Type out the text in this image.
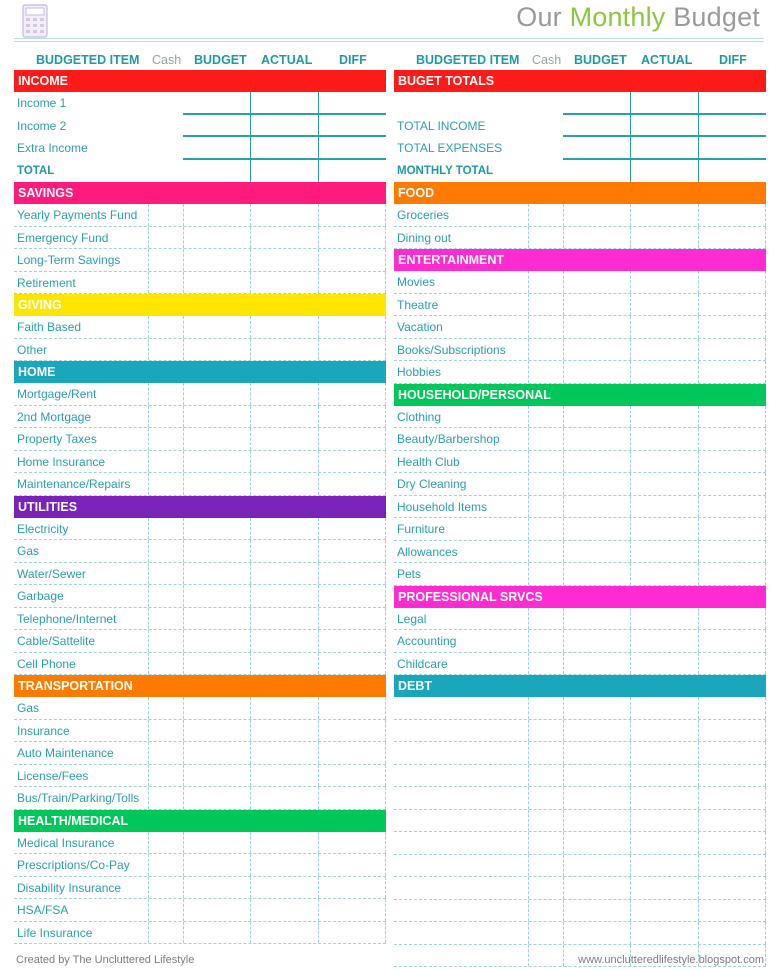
Our Monthly Budget
BUDGETED ITEM Cash BUDGET ACTUAL DIFF
INCOME
Income 1
Income 2
Extra Income
TOTAL
SAVINGS
Yearly Payments Fund
Emergency Fund
Long-Term Savings
Retirement
GIVING
Faith Based
Other
HOME
Mortgage/Rent
2nd Mortgage
Property Taxes
Home Insurance
Maintenance/Repairs
UTILITIES
Electricity
Gas
Water/Sewer
Garbage
Telephone/Internet
Cable/Sattelite
Cell Phone
TRANSPORTATION
Gas
Insurance
Auto Maintenance
License/Fees
Bus/Train/Parking/Tolls
HEALTH/MEDICAL
Medical Insurance
Prescriptions/Co-Pay
Disability Insurance
HSA/FSA
Life Insurance
BUDGETED ITEM Cash BUDGET ACTUAL DIFF
BUGET TOTALS
TOTAL INCOME
TOTAL EXPENSES
MONTHLY TOTAL
FOOD
Groceries
Dining out
ENTERTAINMENT
Movies
Theatre
Vacation
Books/Subscriptions
Hobbies
HOUSEHOLD/PERSONAL
Clothing
Beauty/Barbershop
Health Club
Dry Cleaning
Household Items
Furniture
Allowances
Pets
PROFESSIONAL SRVCS
Legal
Accounting
Childcare
DEBT
Created by The Uncluttered Lifestyle	www.unclutteredlifestyle.blogspot.com
